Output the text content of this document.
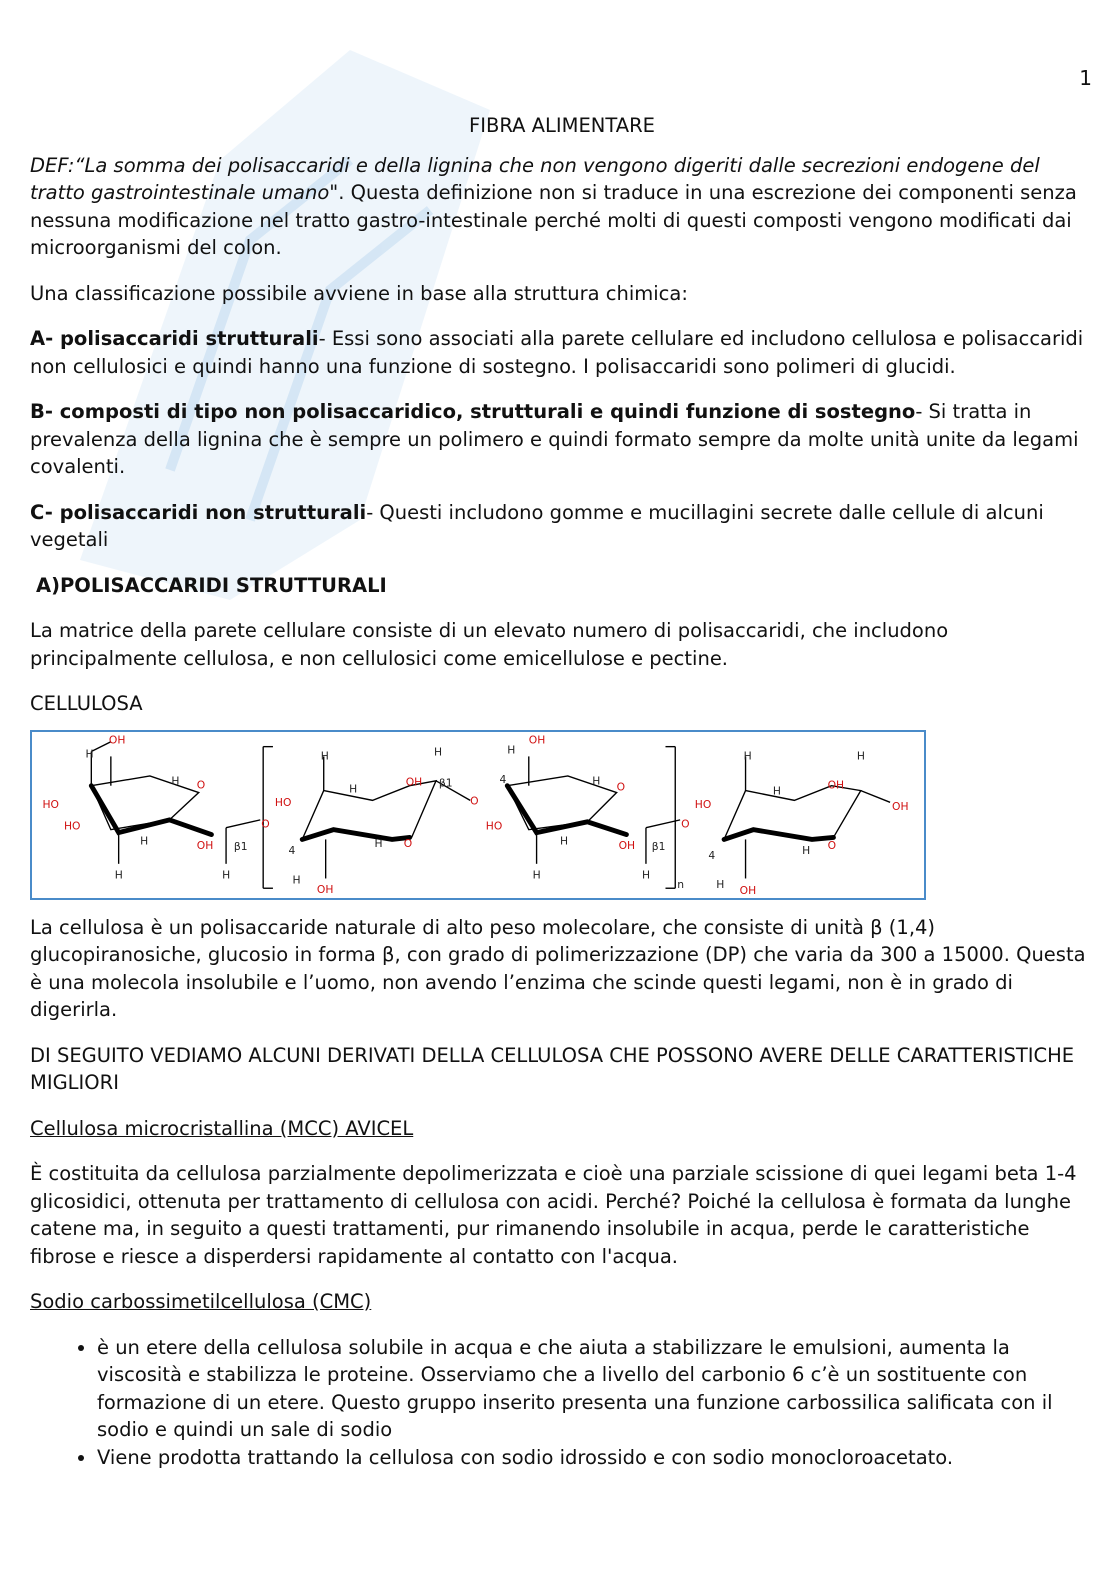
1

FIBRA ALIMENTARE

DEF:“La somma dei polisaccaridi e della lignina che non vengono digeriti dalle secrezioni endogene del tratto gastrointestinale umano". Questa definizione non si traduce in una escrezione dei componenti senza nessuna modificazione nel tratto gastro-intestinale perché molti di questi composti vengono modificati dai microorganismi del colon.

Una classificazione possibile avviene in base alla struttura chimica:

A- polisaccaridi strutturali- Essi sono associati alla parete cellulare ed includono cellulosa e polisaccaridi non cellulosici e quindi hanno una funzione di sostegno. I polisaccaridi sono polimeri di glucidi.

B- composti di tipo non polisaccaridico, strutturali e quindi funzione di sostegno- Si tratta in prevalenza della lignina che è sempre un polimero e quindi formato sempre da molte unità unite da legami covalenti.

C- polisaccaridi non strutturali- Questi includono gomme e mucillagini secrete dalle cellule di alcuni vegetali

A)POLISACCARIDI STRUTTURALI

La matrice della parete cellulare consiste di un elevato numero di polisaccaridi, che includono principalmente cellulosa, e non cellulosici come emicellulose e pectine.

CELLULOSA

OH
H
HO
HO
H	OH β1
O
H
H	H
O
H
H
HO
OH β1
H
H O
4
H
OH
O
OH
H
4	H O
HO
H	OH β1
H	H
n
O
H	H
HO
H	OH
OH
H O
4
H OH

La cellulosa è un polisaccaride naturale di alto peso molecolare, che consiste di unità β (1,4) glucopiranosiche, glucosio in forma β, con grado di polimerizzazione (DP) che varia da 300 a 15000. Questa è una molecola insolubile e l’uomo, non avendo l’enzima che scinde questi legami, non è in grado di digerirla.

DI SEGUITO VEDIAMO ALCUNI DERIVATI DELLA CELLULOSA CHE POSSONO AVERE DELLE CARATTERISTICHE MIGLIORI

Cellulosa microcristallina (MCC) AVICEL

È costituita da cellulosa parzialmente depolimerizzata e cioè una parziale scissione di quei legami beta 1-4 glicosidici, ottenuta per trattamento di cellulosa con acidi. Perché? Poiché la cellulosa è formata da lunghe catene ma, in seguito a questi trattamenti, pur rimanendo insolubile in acqua, perde le caratteristiche fibrose e riesce a disperdersi rapidamente al contatto con l'acqua.

Sodio carbossimetilcellulosa (CMC)

• è un etere della cellulosa solubile in acqua e che aiuta a stabilizzare le emulsioni, aumenta la viscosità e stabilizza le proteine. Osserviamo che a livello del carbonio 6 c’è un sostituente con formazione di un etere. Questo gruppo inserito presenta una funzione carbossilica salificata con il sodio e quindi un sale di sodio
• Viene prodotta trattando la cellulosa con sodio idrossido e con sodio monocloroacetato.
